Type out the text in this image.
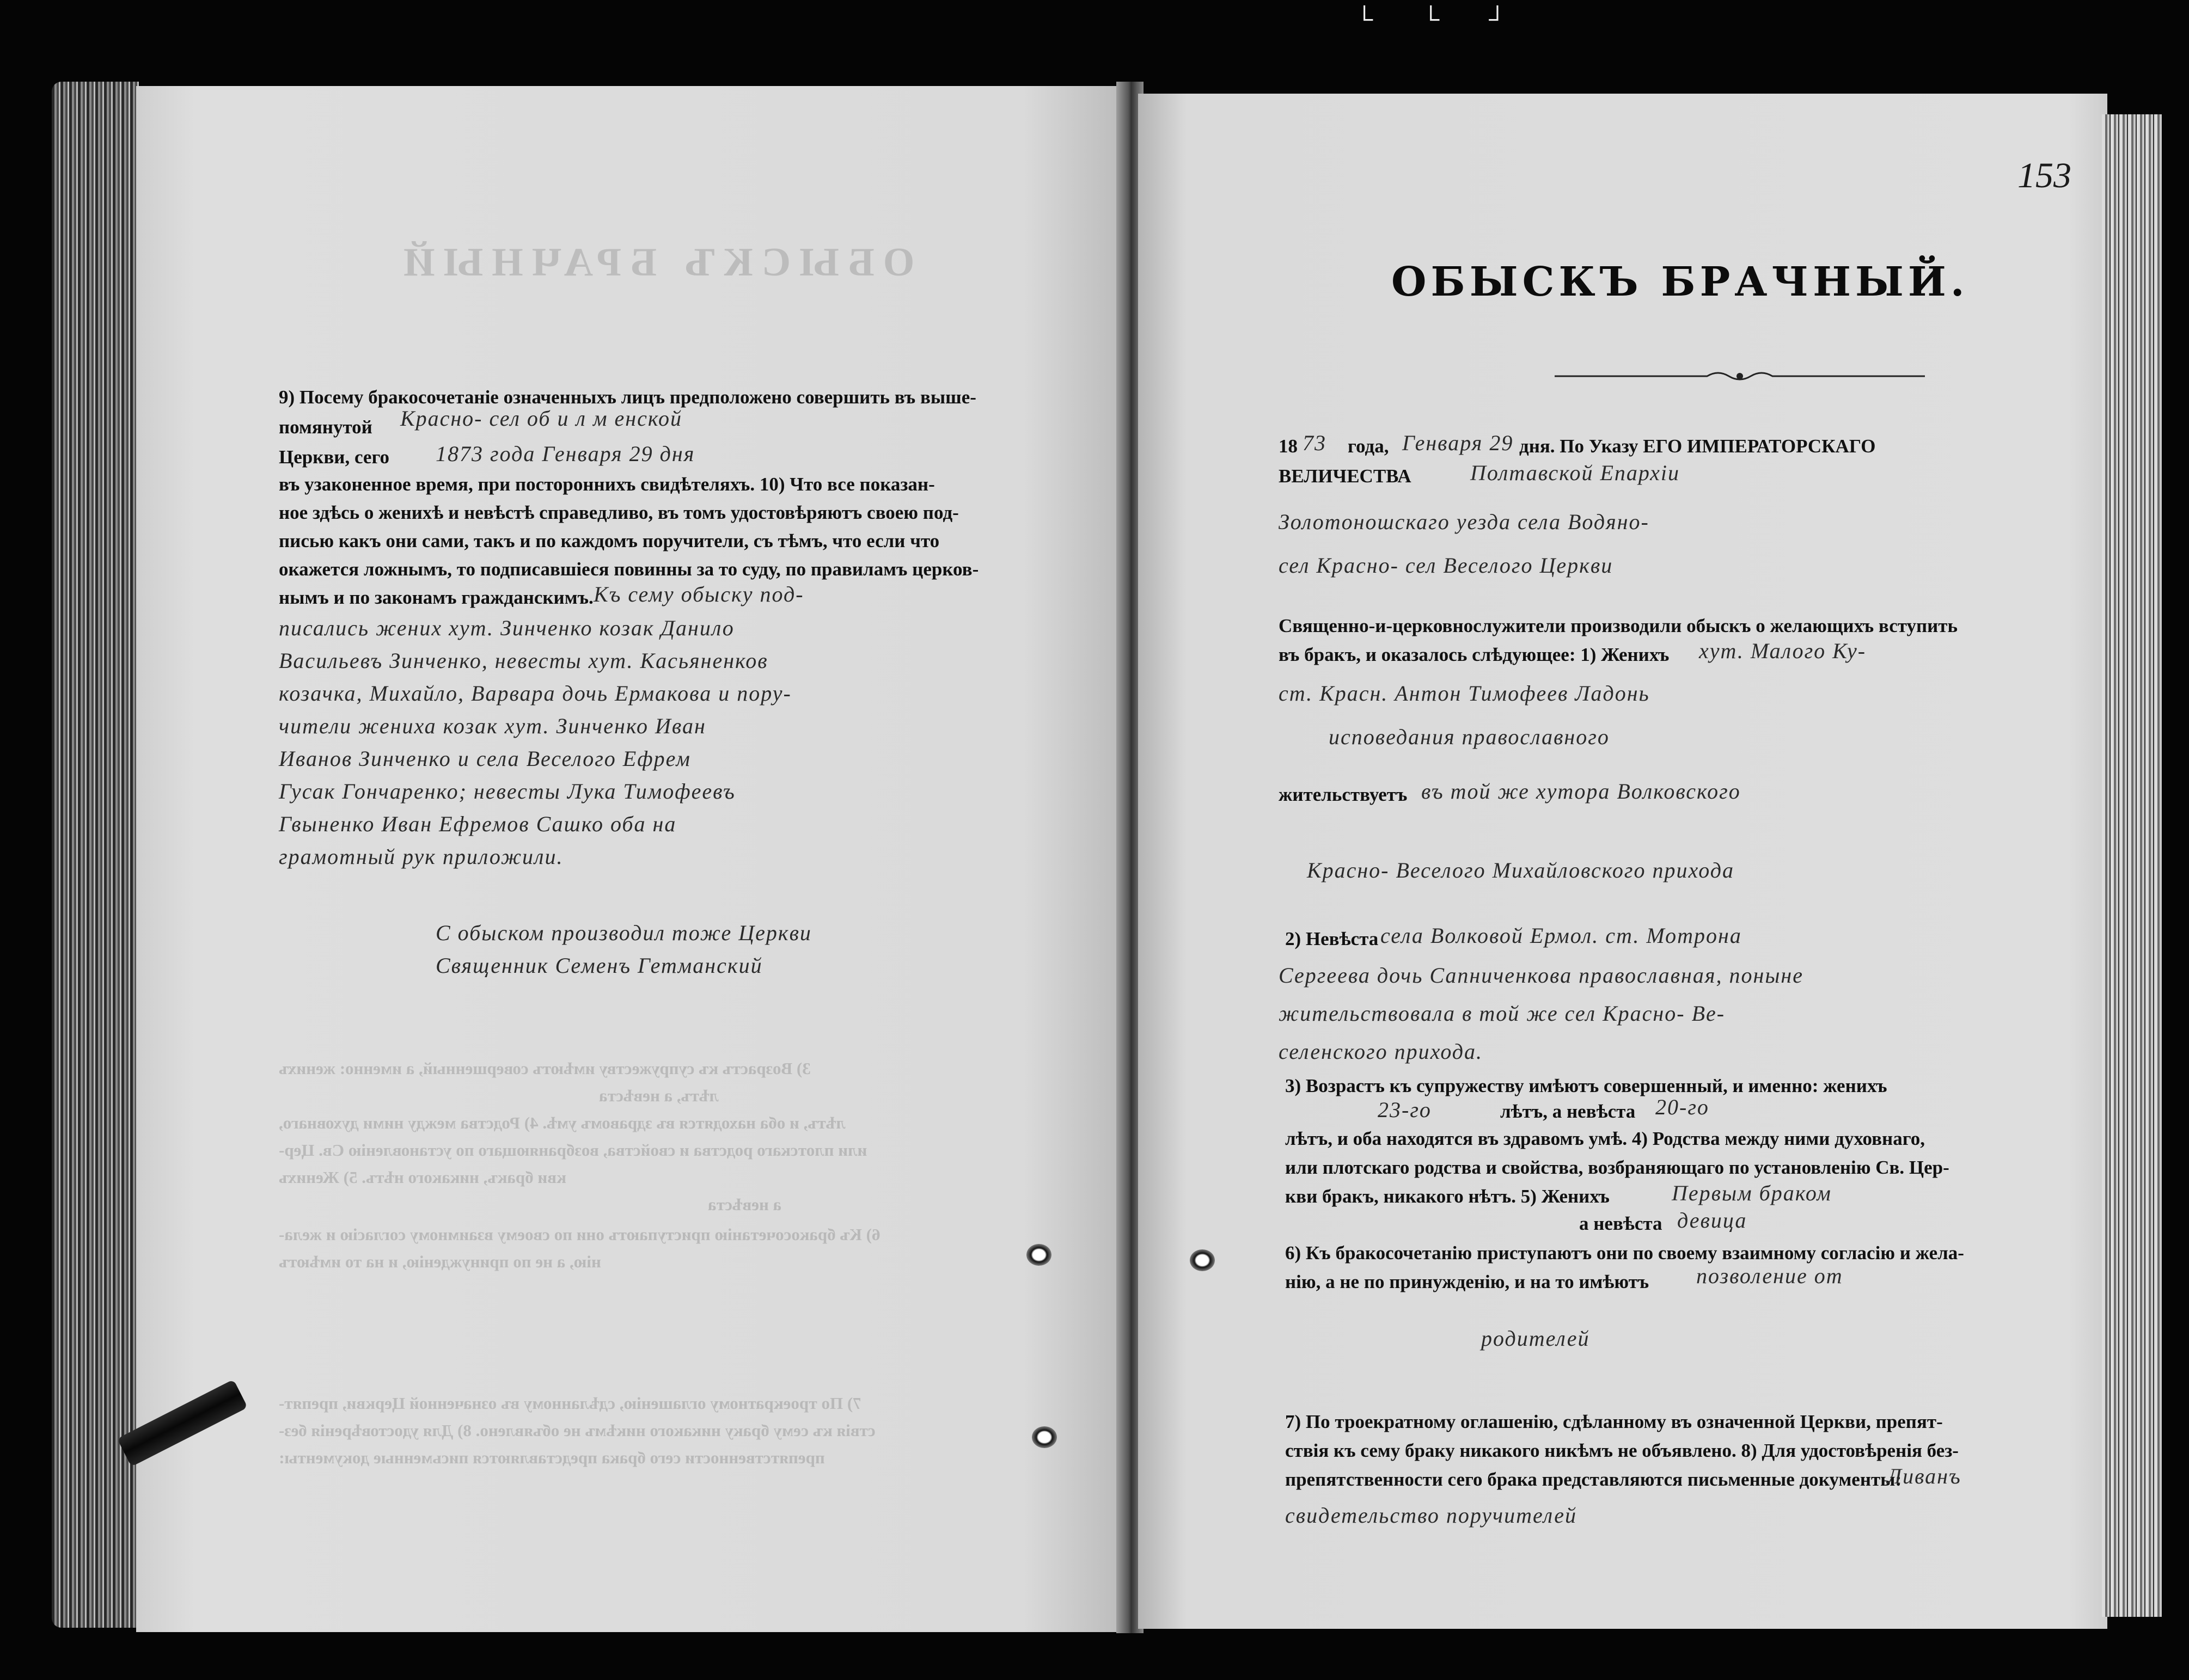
└ └ ┘
153
ОБЫСКЪ БРАЧНЫЙ
9) Посему бракосочетаніе означенныхъ лицъ предположено совершить въ выше-
помянутой Красно- сел об и л м енской
Церкви, сего 1873 года Генваря 29 дня
въ узаконенное время, при постороннихъ свидѣтеляхъ. 10) Что все показан-
ное здѣсь о женихѣ и невѣстѣ справедливо, въ томъ удостовѣряютъ своею под-
писью какъ они сами, такъ и по каждомъ поручители, съ тѣмъ, что если что
окажется ложнымъ, то подписавшіеся повинны за то суду, по правиламъ церков-
нымъ и по законамъ гражданскимъ. Къ сему обыску под-
писались жених хут. Зинченко козак Данило
Васильевъ Зинченко, невесты хут. Касьяненков
козачка, Михайло, Варвара дочь Ермакова и пору-
чители жениха козак хут. Зинченко Иван
Иванов Зинченко и села Веселого Ефрем
Гусак Гончаренко; невесты Лука Тимофеевъ
Гвыненко Иван Ефремов Сашко оба на
грамотный рук приложили.
С обыском производил тоже Церкви
Священник Семенъ Гетманский
3) Возрастъ къ супружеству имѣютъ совершенный, а именно: женихъ
лѣтъ, а невѣста
лѣтъ, и оба находятся въ здравомъ умѣ. 4) Родства между ними духовнаго,
или плотскаго родства и свойства, возбраняющаго по установленію Св. Цер-
кви бракъ, никакого нѣтъ. 5) Женихъ
а невѣста
6) Къ бракосочетанію приступаютъ они по своему взаимному согласію и жела-
нію, а не по принужденію, и на то имѣютъ
7) По троекратному оглашенію, сдѣланному въ означенной Церкви, препят-
ствія къ сему браку никакого никѣмъ не объявлено. 8) Для удостовѣренія без-
препятственности сего брака представляются письменные документы:
ОБЫСКЪ БРАЧНЫЙ.
18 73 года, Генваря 29 дня. По Указу ЕГО ИМПЕРАТОРСКАГО
ВЕЛИЧЕСТВА	Полтавской Епархіи
Золотоношскаго уезда села Водяно-
сел Красно- сел Веселого Церкви
Священно-и-церковнослужители производили обыскъ о желающихъ вступить
въ бракъ, и оказалось слѣдующее: 1) Женихъ хут. Малого Ку-
ст. Красн. Антон Тимофеев Ладонь
исповедания православного
жительствуетъ въ той же хутора Волковского
Красно- Веселого Михайловского прихода
2) Невѣста села Волковой Ермол. ст. Мотрона
Сергеева дочь Сапниченкова православная, поныне
жительствовала в той же сел Красно- Ве-
селенского прихода.
3) Возрастъ къ супружеству имѣютъ совершенный, и именно: женихъ
23-го	лѣтъ, а невѣста 20-го
лѣтъ, и оба находятся въ здравомъ умѣ. 4) Родства между ними духовнаго,
или плотскаго родства и свойства, возбраняющаго по установленію Св. Цер-
кви бракъ, никакого нѣтъ. 5) Женихъ	Первым браком
а невѣста девица
6) Къ бракосочетанію приступаютъ они по своему взаимному согласію и жела-
нію, а не по принужденію, и на то имѣютъ позволение от
родителей
7) По троекратному оглашенію, сдѣланному въ означенной Церкви, препят-
ствія къ сему браку никакого никѣмъ не объявлено. 8) Для удостовѣренія без-
препятственности сего брака представляются письменные документы:
Ливанъ
свидетельство поручителей
